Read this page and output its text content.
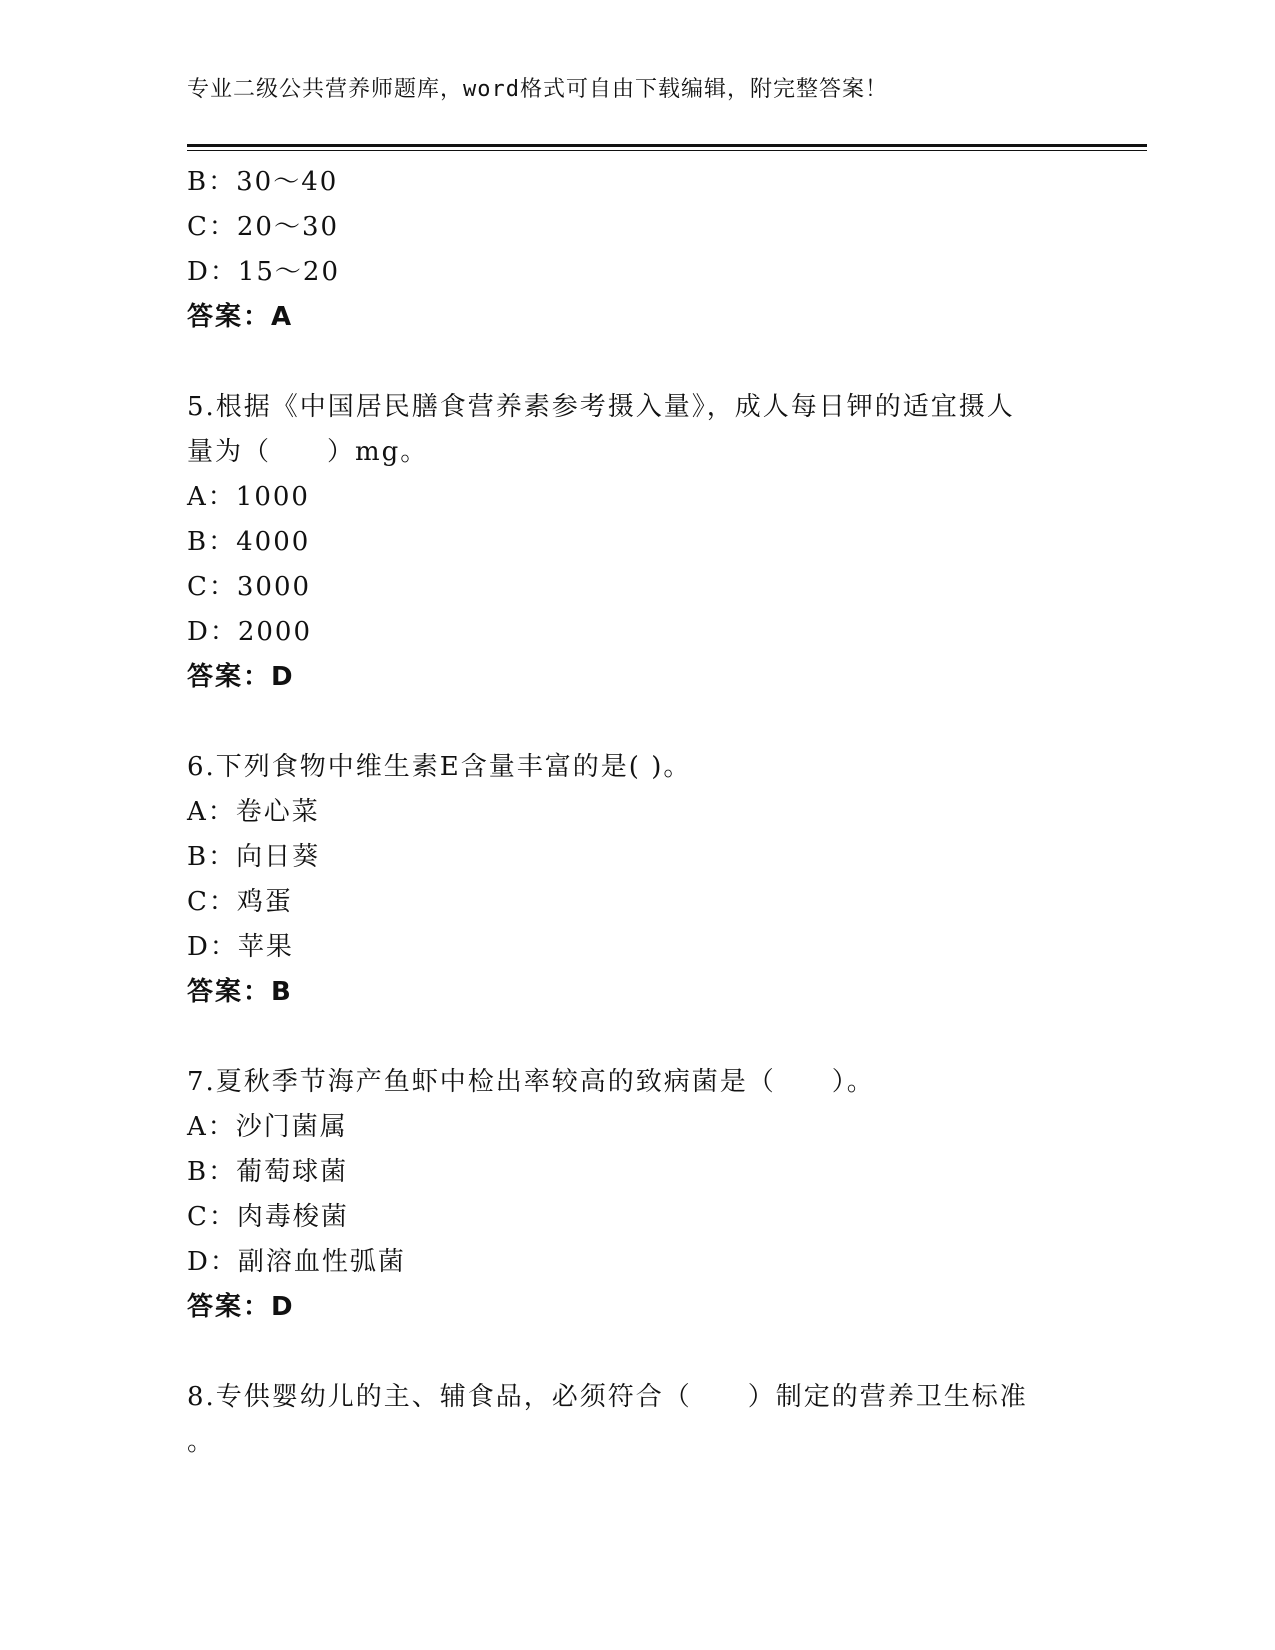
专业二级公共营养师题库，word格式可自由下载编辑，附完整答案！
B：30～40
C：20～30
D：15～20
答案：A
5.根据《中国居民膳食营养素参考摄入量》，成人每日钾的适宜摄人
量为（　　）mg。
A：1000
B：4000
C：3000
D：2000
答案：D
6.下列食物中维生素E含量丰富的是( )。
A：卷心菜
B：向日葵
C：鸡蛋
D：苹果
答案：B
7.夏秋季节海产鱼虾中检出率较高的致病菌是（　　）。
A：沙门菌属
B：葡萄球菌
C：肉毒梭菌
D：副溶血性弧菌
答案：D
8.专供婴幼儿的主、辅食品，必须符合（　　）制定的营养卫生标准
。
